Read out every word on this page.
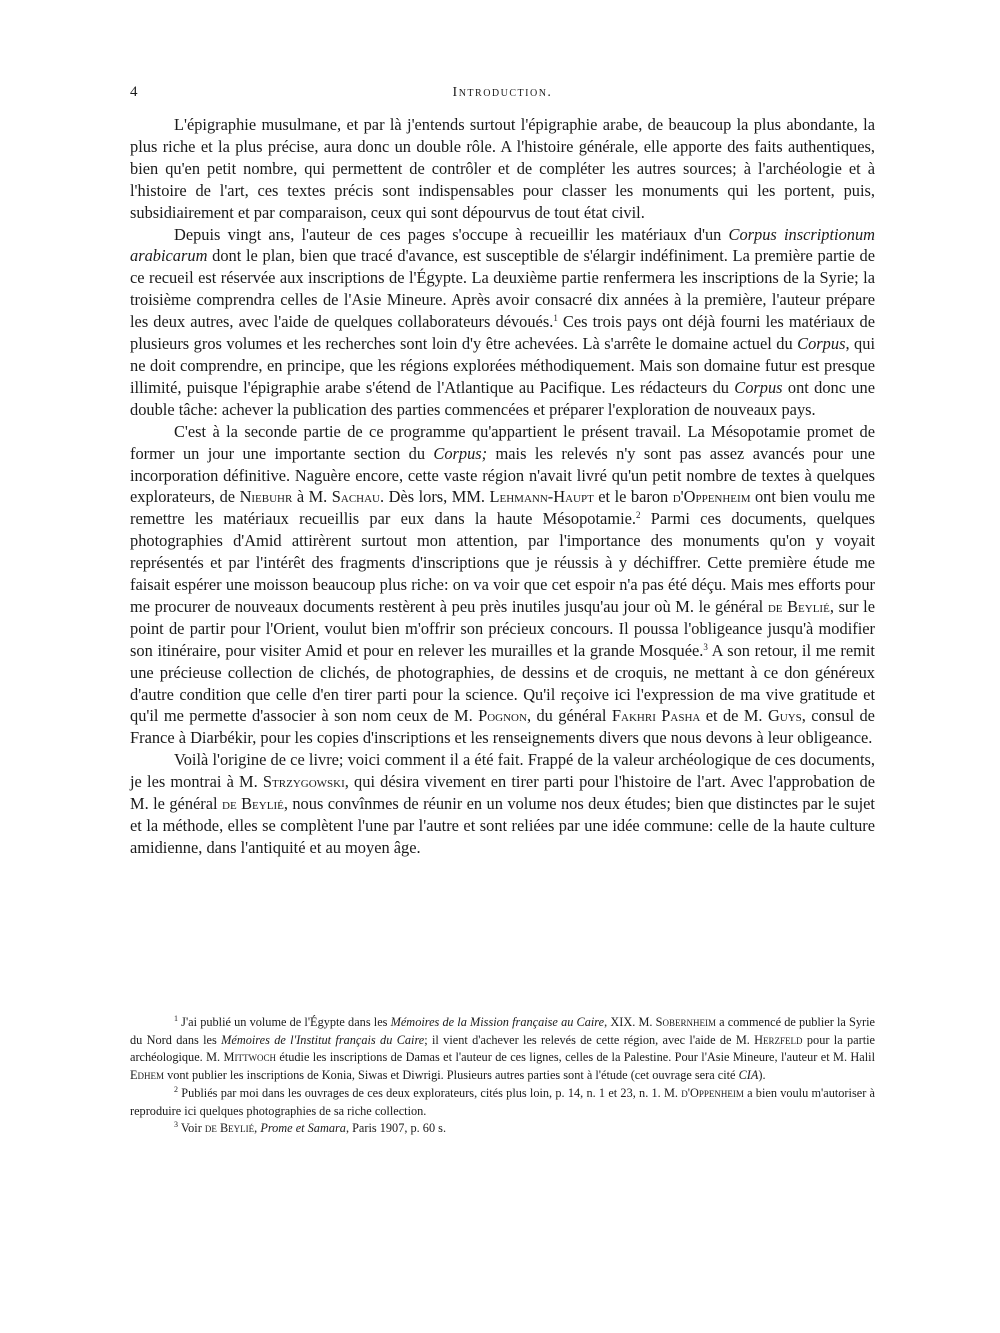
4	Introduction.

L'épigraphie musulmane, et par là j'entends surtout l'épigraphie arabe, de beaucoup la plus abondante, la plus riche et la plus précise, aura donc un double rôle. A l'histoire générale, elle apporte des faits authentiques, bien qu'en petit nombre, qui permettent de contrôler et de compléter les autres sources; à l'archéologie et à l'histoire de l'art, ces textes précis sont indispensables pour classer les monuments qui les portent, puis, subsidiairement et par comparaison, ceux qui sont dépourvus de tout état civil.

Depuis vingt ans, l'auteur de ces pages s'occupe à recueillir les matériaux d'un Corpus inscriptionum arabicarum dont le plan, bien que tracé d'avance, est susceptible de s'élargir indéfiniment. La première partie de ce recueil est réservée aux inscriptions de l'Égypte. La deuxième partie renfermera les inscriptions de la Syrie; la troisième comprendra celles de l'Asie Mineure. Après avoir consacré dix années à la première, l'auteur prépare les deux autres, avec l'aide de quelques collaborateurs dévoués.$^1$ Ces trois pays ont déjà fourni les matériaux de plusieurs gros volumes et les recherches sont loin d'y être achevées. Là s'arrête le domaine actuel du Corpus, qui ne doit comprendre, en principe, que les régions explorées méthodiquement. Mais son domaine futur est presque illimité, puisque l'épigraphie arabe s'étend de l'Atlantique au Pacifique. Les rédacteurs du Corpus ont donc une double tâche: achever la publication des parties commencées et préparer l'exploration de nouveaux pays.

C'est à la seconde partie de ce programme qu'appartient le présent travail. La Mésopotamie promet de former un jour une importante section du Corpus; mais les relevés n'y sont pas assez avancés pour une incorporation définitive. Naguère encore, cette vaste région n'avait livré qu'un petit nombre de textes à quelques explorateurs, de Niebuhr à M. Sachau. Dès lors, MM. Lehmann-Haupt et le baron d'Oppenheim ont bien voulu me remettre les matériaux recueillis par eux dans la haute Mésopotamie.$^2$ Parmi ces documents, quelques photographies d'Amid attirèrent surtout mon attention, par l'importance des monuments qu'on y voyait représentés et par l'intérêt des fragments d'inscriptions que je réussis à y déchiffrer. Cette première étude me faisait espérer une moisson beaucoup plus riche: on va voir que cet espoir n'a pas été déçu. Mais mes efforts pour me procurer de nouveaux documents restèrent à peu près inutiles jusqu'au jour où M. le général de Beylié, sur le point de partir pour l'Orient, voulut bien m'offrir son précieux concours. Il poussa l'obligeance jusqu'à modifier son itinéraire, pour visiter Amid et pour en relever les murailles et la grande Mosquée.$^3$ A son retour, il me remit une précieuse collection de clichés, de photographies, de dessins et de croquis, ne mettant à ce don généreux d'autre condition que celle d'en tirer parti pour la science. Qu'il reçoive ici l'expression de ma vive gratitude et qu'il me permette d'associer à son nom ceux de M. Pognon, du général Fakhri Pasha et de M. Guys, consul de France à Diarbékir, pour les copies d'inscriptions et les renseignements divers que nous devons à leur obligeance.

Voilà l'origine de ce livre; voici comment il a été fait. Frappé de la valeur archéologique de ces documents, je les montrai à M. Strzygowski, qui désira vivement en tirer parti pour l'histoire de l'art. Avec l'approbation de M. le général de Beylié, nous convînmes de réunir en un volume nos deux études; bien que distinctes par le sujet et la méthode, elles se complètent l'une par l'autre et sont reliées par une idée commune: celle de la haute culture amidienne, dans l'antiquité et au moyen âge.

$^1$ J'ai publié un volume de l'Égypte dans les Mémoires de la Mission française au Caire, XIX. M. Sobernheim a commencé de publier la Syrie du Nord dans les Mémoires de l'Institut français du Caire; il vient d'achever les relevés de cette région, avec l'aide de M. Herzfeld pour la partie archéologique. M. Mittwoch étudie les inscriptions de Damas et l'auteur de ces lignes, celles de la Palestine. Pour l'Asie Mineure, l'auteur et M. Halil Edhem vont publier les inscriptions de Konia, Siwas et Diwrigi. Plusieurs autres parties sont à l'étude (cet ouvrage sera cité CIA).

$^2$ Publiés par moi dans les ouvrages de ces deux explorateurs, cités plus loin, p. 14, n. 1 et 23, n. 1. M. d'Oppenheim a bien voulu m'autoriser à reproduire ici quelques photographies de sa riche collection.

$^3$ Voir de Beylié, Prome et Samara, Paris 1907, p. 60 s.
